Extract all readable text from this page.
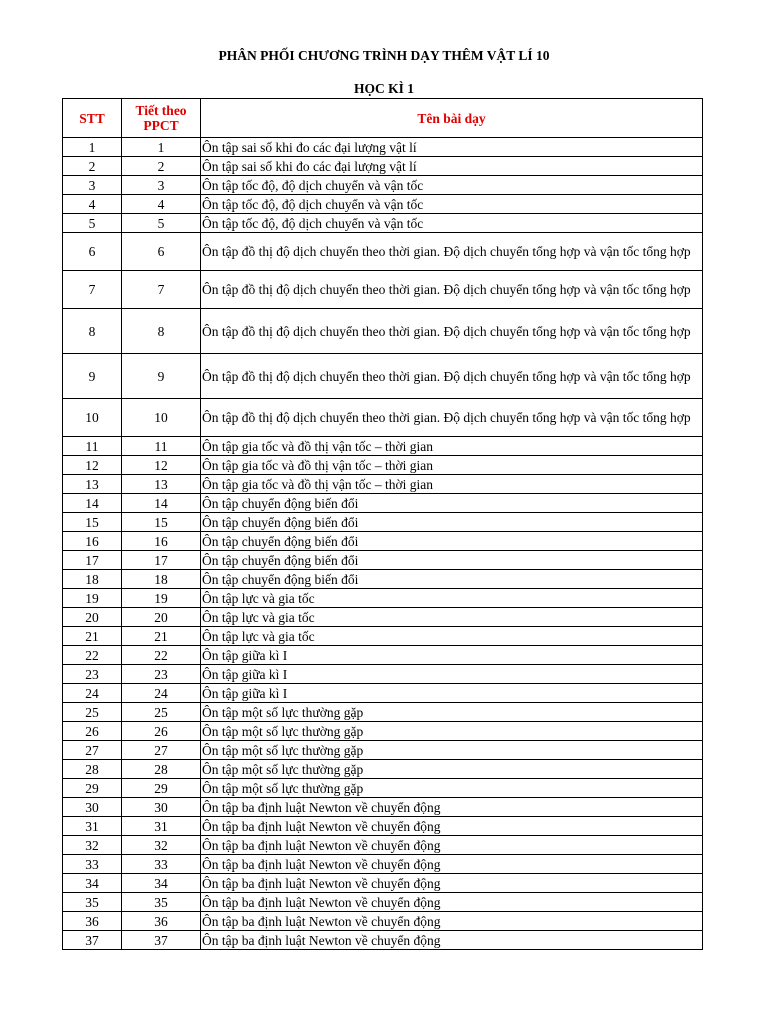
PHÂN PHỐI CHƯƠNG TRÌNH DẠY THÊM VẬT LÍ 10
HỌC KÌ 1
STT	Tiết theo PPCT	Tên bài dạy
1	1	Ôn tập sai số khi đo các đại lượng vật lí
2	2	Ôn tập sai số khi đo các đại lượng vật lí
3	3	Ôn tập tốc độ, độ dịch chuyển và vận tốc
4	4	Ôn tập tốc độ, độ dịch chuyển và vận tốc
5	5	Ôn tập tốc độ, độ dịch chuyển và vận tốc
6	6	Ôn tập đồ thị độ dịch chuyển theo thời gian. Độ dịch chuyển tổng hợp và vận tốc tổng hợp
7	7	Ôn tập đồ thị độ dịch chuyển theo thời gian. Độ dịch chuyển tổng hợp và vận tốc tổng hợp
8	8	Ôn tập đồ thị độ dịch chuyển theo thời gian. Độ dịch chuyển tổng hợp và vận tốc tổng hợp
9	9	Ôn tập đồ thị độ dịch chuyển theo thời gian. Độ dịch chuyển tổng hợp và vận tốc tổng hợp
10	10	Ôn tập đồ thị độ dịch chuyển theo thời gian. Độ dịch chuyển tổng hợp và vận tốc tổng hợp
11	11	Ôn tập gia tốc và đồ thị vận tốc – thời gian
12	12	Ôn tập gia tốc và đồ thị vận tốc – thời gian
13	13	Ôn tập gia tốc và đồ thị vận tốc – thời gian
14	14	Ôn tập chuyển động biến đổi
15	15	Ôn tập chuyển động biến đổi
16	16	Ôn tập chuyển động biến đổi
17	17	Ôn tập chuyển động biến đổi
18	18	Ôn tập chuyển động biến đổi
19	19	Ôn tập lực và gia tốc
20	20	Ôn tập lực và gia tốc
21	21	Ôn tập lực và gia tốc
22	22	Ôn tập giữa kì I
23	23	Ôn tập giữa kì I
24	24	Ôn tập giữa kì I
25	25	Ôn tập một số lực thường gặp
26	26	Ôn tập một số lực thường gặp
27	27	Ôn tập một số lực thường gặp
28	28	Ôn tập một số lực thường gặp
29	29	Ôn tập một số lực thường gặp
30	30	Ôn tập ba định luật Newton về chuyển động
31	31	Ôn tập ba định luật Newton về chuyển động
32	32	Ôn tập ba định luật Newton về chuyển động
33	33	Ôn tập ba định luật Newton về chuyển động
34	34	Ôn tập ba định luật Newton về chuyển động
35	35	Ôn tập ba định luật Newton về chuyển động
36	36	Ôn tập ba định luật Newton về chuyển động
37	37	Ôn tập ba định luật Newton về chuyển động
